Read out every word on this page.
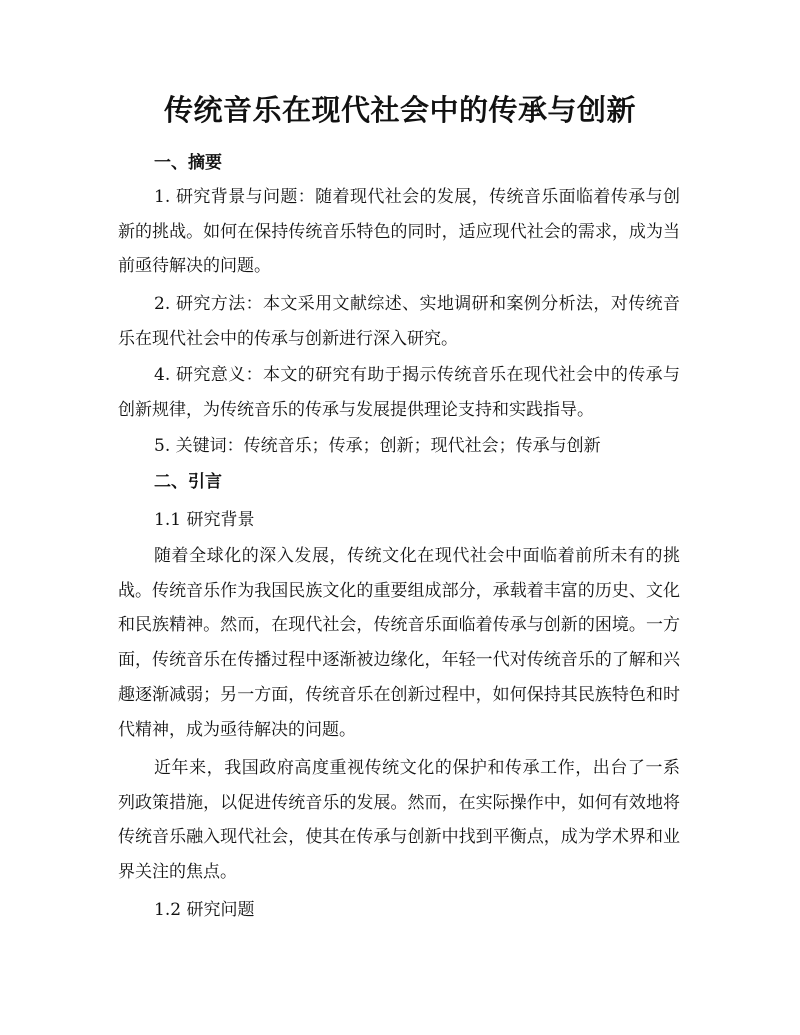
传统音乐在现代社会中的传承与创新
一、摘要

1. 研究背景与问题：随着现代社会的发展，传统音乐面临着传承与创新的挑战。如何在保持传统音乐特色的同时，适应现代社会的需求，成为当前亟待解决的问题。

2. 研究方法：本文采用文献综述、实地调研和案例分析法，对传统音乐在现代社会中的传承与创新进行深入研究。

4. 研究意义：本文的研究有助于揭示传统音乐在现代社会中的传承与创新规律，为传统音乐的传承与发展提供理论支持和实践指导。

5. 关键词：传统音乐；传承；创新；现代社会；传承与创新

二、引言

1.1 研究背景

随着全球化的深入发展，传统文化在现代社会中面临着前所未有的挑战。传统音乐作为我国民族文化的重要组成部分，承载着丰富的历史、文化和民族精神。然而，在现代社会，传统音乐面临着传承与创新的困境。一方面，传统音乐在传播过程中逐渐被边缘化，年轻一代对传统音乐的了解和兴趣逐渐减弱；另一方面，传统音乐在创新过程中，如何保持其民族特色和时代精神，成为亟待解决的问题。

近年来，我国政府高度重视传统文化的保护和传承工作，出台了一系列政策措施，以促进传统音乐的发展。然而，在实际操作中，如何有效地将传统音乐融入现代社会，使其在传承与创新中找到平衡点，成为学术界和业界关注的焦点。

1.2 研究问题
